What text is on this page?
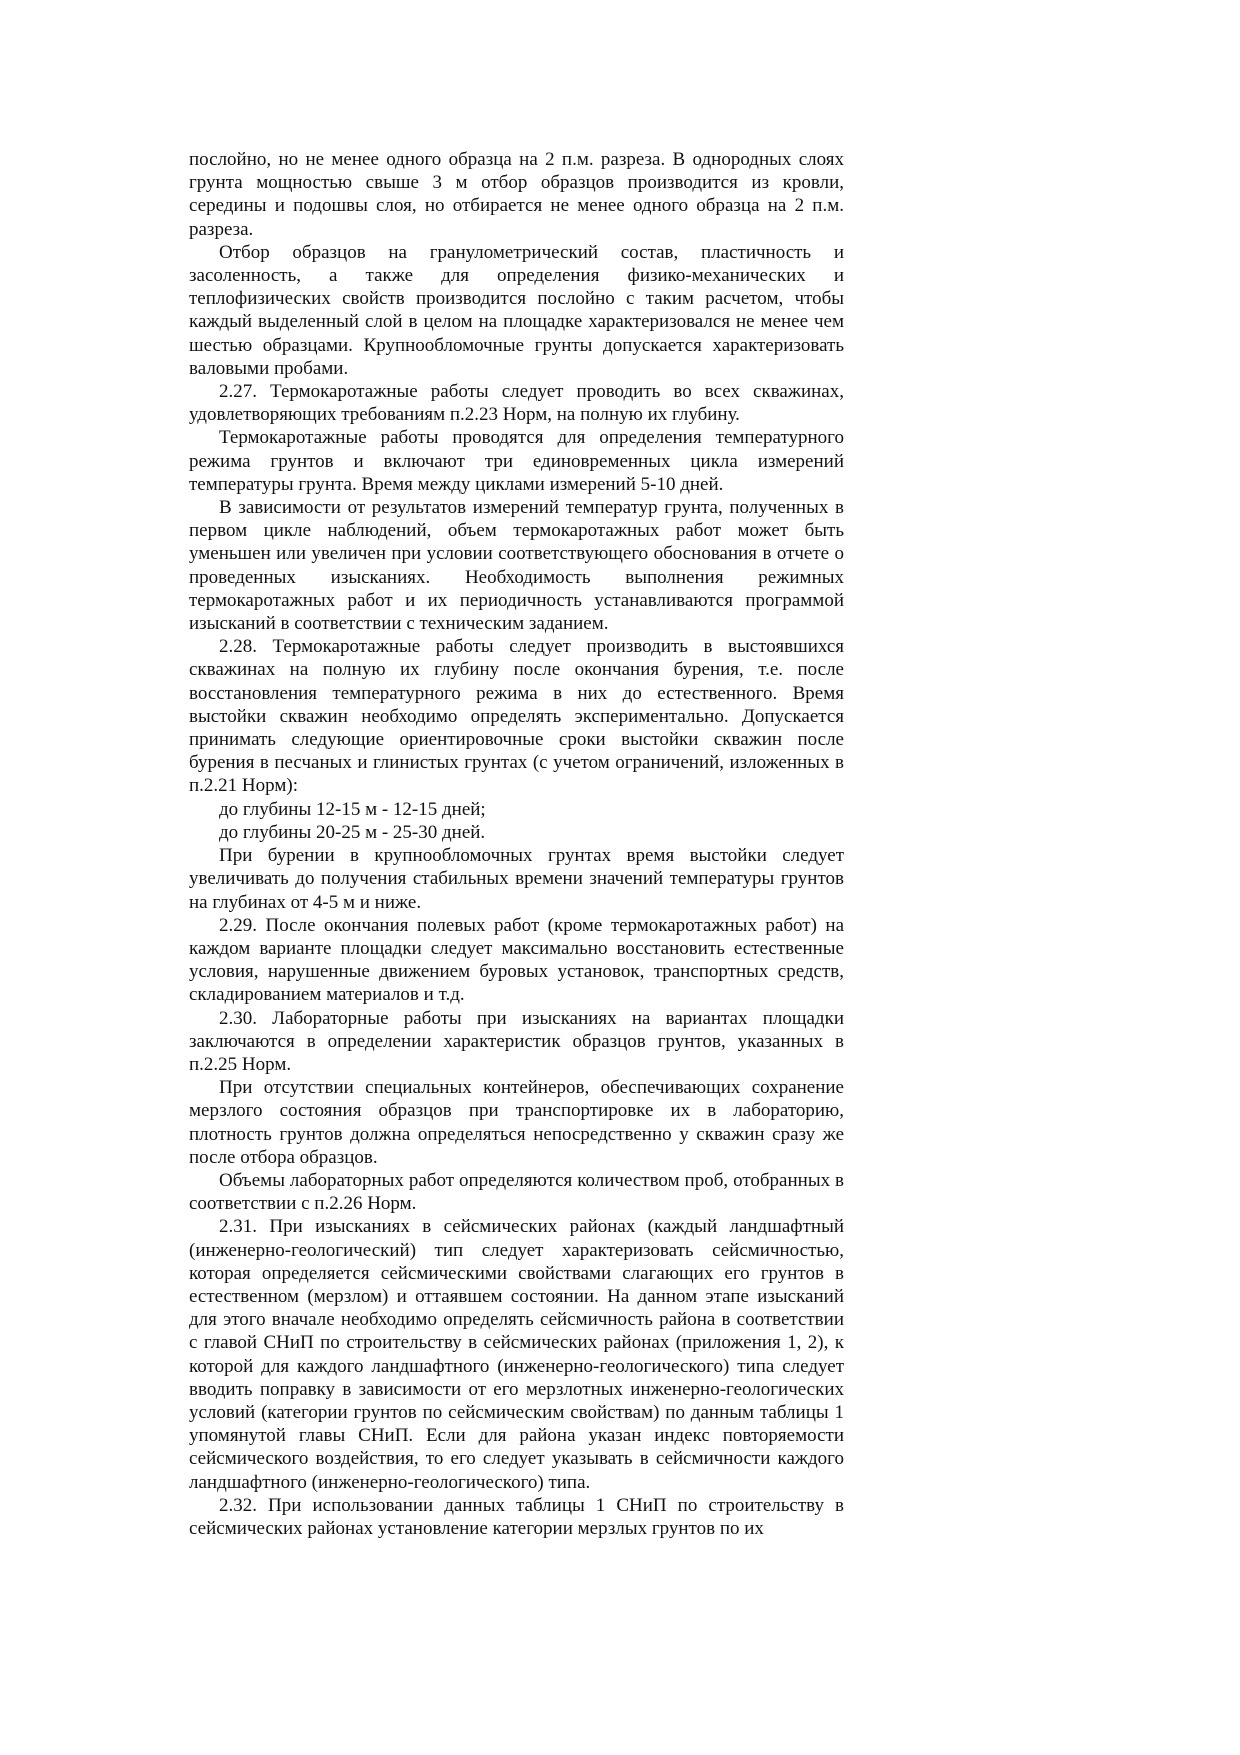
послойно, но не менее одного образца на 2 п.м. разреза. В однородных слоях грунта мощностью свыше 3 м отбор образцов производится из кровли, середины и подошвы слоя, но отбирается не менее одного образца на 2 п.м. разреза.

Отбор образцов на гранулометрический состав, пластичность и засоленность, а также для определения физико-механических и теплофизических свойств производится послойно с таким расчетом, чтобы каждый выделенный слой в целом на площадке характеризовался не менее чем шестью образцами. Крупнообломочные грунты допускается характеризовать валовыми пробами.

2.27. Термокаротажные работы следует проводить во всех скважинах, удовлетворяющих требованиям п.2.23 Норм, на полную их глубину.

Термокаротажные работы проводятся для определения температурного режима грунтов и включают три единовременных цикла измерений температуры грунта. Время между циклами измерений 5-10 дней.

В зависимости от результатов измерений температур грунта, полученных в первом цикле наблюдений, объем термокаротажных работ может быть уменьшен или увеличен при условии соответствующего обоснования в отчете о проведенных изысканиях. Необходимость выполнения режимных термокаротажных работ и их периодичность устанавливаются программой изысканий в соответствии с техническим заданием.

2.28. Термокаротажные работы следует производить в выстоявшихся скважинах на полную их глубину после окончания бурения, т.е. после восстановления температурного режима в них до естественного. Время выстойки скважин необходимо определять экспериментально. Допускается принимать следующие ориентировочные сроки выстойки скважин после бурения в песчаных и глинистых грунтах (с учетом ограничений, изложенных в п.2.21 Норм):

до глубины 12-15 м - 12-15 дней;

до глубины 20-25 м - 25-30 дней.

При бурении в крупнообломочных грунтах время выстойки следует увеличивать до получения стабильных времени значений температуры грунтов на глубинах от 4-5 м и ниже.

2.29. После окончания полевых работ (кроме термокаротажных работ) на каждом варианте площадки следует максимально восстановить естественные условия, нарушенные движением буровых установок, транспортных средств, складированием материалов и т.д.

2.30. Лабораторные работы при изысканиях на вариантах площадки заключаются в определении характеристик образцов грунтов, указанных в п.2.25 Норм.

При отсутствии специальных контейнеров, обеспечивающих сохранение мерзлого состояния образцов при транспортировке их в лабораторию, плотность грунтов должна определяться непосредственно у скважин сразу же после отбора образцов.

Объемы лабораторных работ определяются количеством проб, отобранных в соответствии с п.2.26 Норм.

2.31. При изысканиях в сейсмических районах (каждый ландшафтный (инженерно-геологический) тип следует характеризовать сейсмичностью, которая определяется сейсмическими свойствами слагающих его грунтов в естественном (мерзлом) и оттаявшем состоянии. На данном этапе изысканий для этого вначале необходимо определять сейсмичность района в соответствии с главой СНиП по строительству в сейсмических районах (приложения 1, 2), к которой для каждого ландшафтного (инженерно-геологического) типа следует вводить поправку в зависимости от его мерзлотных инженерно-геологических условий (категории грунтов по сейсмическим свойствам) по данным таблицы 1 упомянутой главы СНиП. Если для района указан индекс повторяемости сейсмического воздействия, то его следует указывать в сейсмичности каждого ландшафтного (инженерно-геологического) типа.

2.32. При использовании данных таблицы 1 СНиП по строительству в сейсмических районах установление категории мерзлых грунтов по их
